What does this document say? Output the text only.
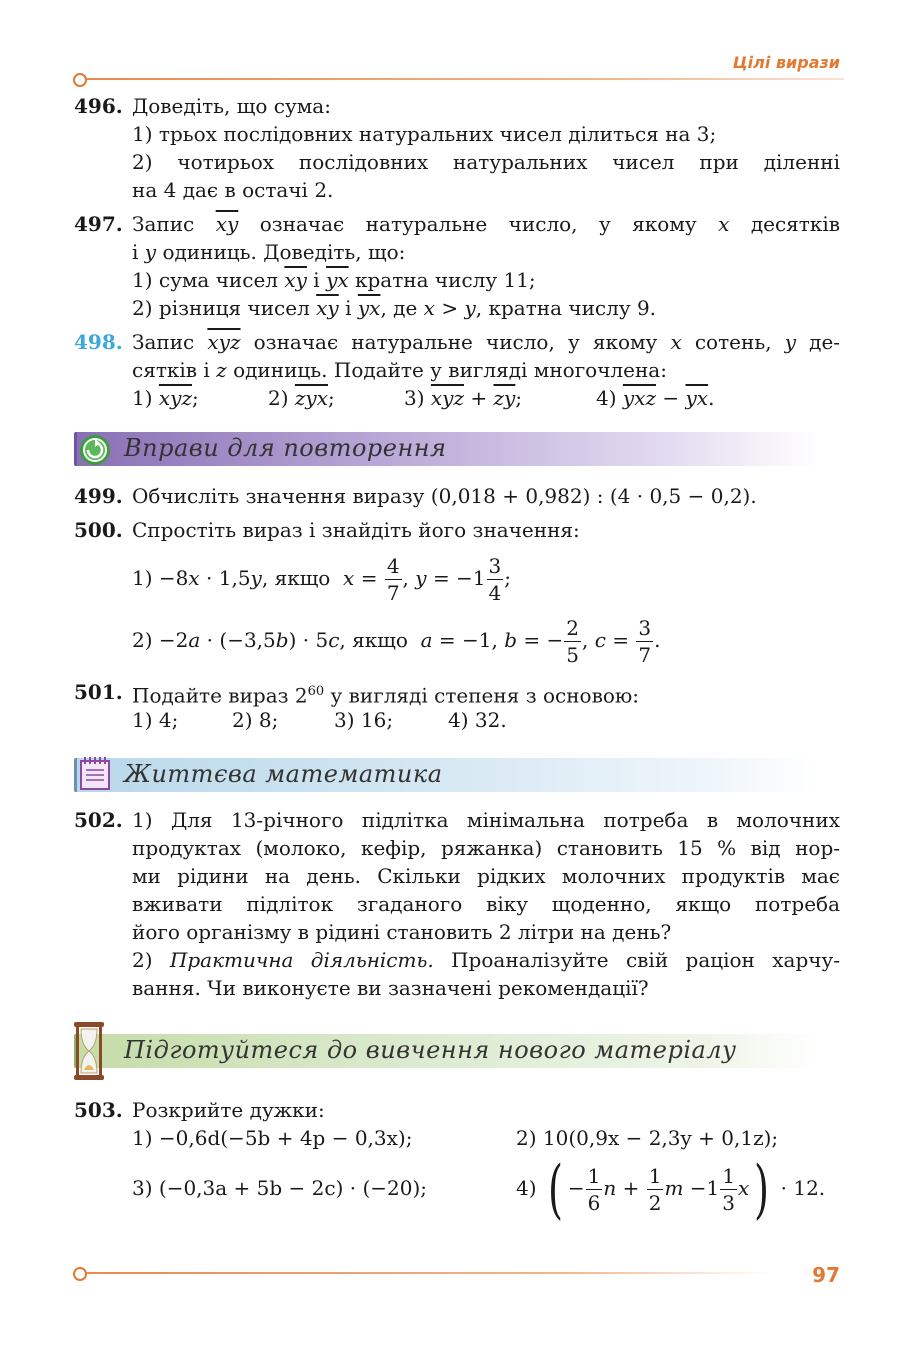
Цілі вирази
496. Доведіть, що сума:
1) трьох послідовних натуральних чисел ділиться на 3;
2) чотирьох послідовних натуральних чисел при діленні
на 4 дає в остачі 2.
497. Запис $\overline{xy}$ означає натуральне число, у якому x десятків
і y одиниць. Доведіть, що:
1) сума чисел $\overline{xy}$ і $\overline{yx}$ кратна числу 11;
2) різниця чисел $\overline{xy}$ і $\overline{yx}$, де x > y, кратна числу 9.
498. Запис $\overline{xyz}$ означає натуральне число, у якому x сотень, y де-
сятків і z одиниць. Подайте у вигляді многочлена:
1) $\overline{xyz}$;	2) $\overline{zyx}$;	3) $\overline{xyz} + \overline{zy}$;	4) $\overline{yxz} - \overline{yx}$.
Вправи для повторення
499. Обчисліть значення виразу (0,018 + 0,982) : (4 · 0,5 − 0,2).
500. Спростіть вираз і знайдіть його значення:
1) −8x · 1,5y, якщо $x = \frac{4}{7}$ , $y = -1 \frac{3}{4}$ ;
2) −2a · (−3,5b) · 5c, якщо a = −1, b = − $\frac{2}{5}$ , $c = \frac{3}{7}$ .
501. Подайте вираз $2^{60}$ у вигляді степеня з основою:
1) 4;	2) 8;	3) 16;	4) 32.
Життєва математика
502. 1) Для 13-річного підлітка мінімальна потреба в молочних
продуктах (молоко, кефір, ряжанка) становить 15 % від нор-
ми рідини на день. Скільки рідких молочних продуктів має
вживати підліток згаданого віку щоденно, якщо потреба
його організму в рідині становить 2 літри на день?
2) Практична діяльність. Проаналізуйте свій раціон харчу-
вання. Чи виконуєте ви зазначені рекомендації?
Підготуйтеся до вивчення нового матеріалу
503. Розкрийте дужки:
1) −0,6d(−5b + 4p − 0,3x);	2) 10(0,9x − 2,3y + 0,1z);
3) (−0,3a + 5b − 2c) · (−20);	4) ( − $\frac{1}{6}$ $n + \frac{1}{2}$ $m -1 \frac{1}{3} x) \cdot 12$.
97
